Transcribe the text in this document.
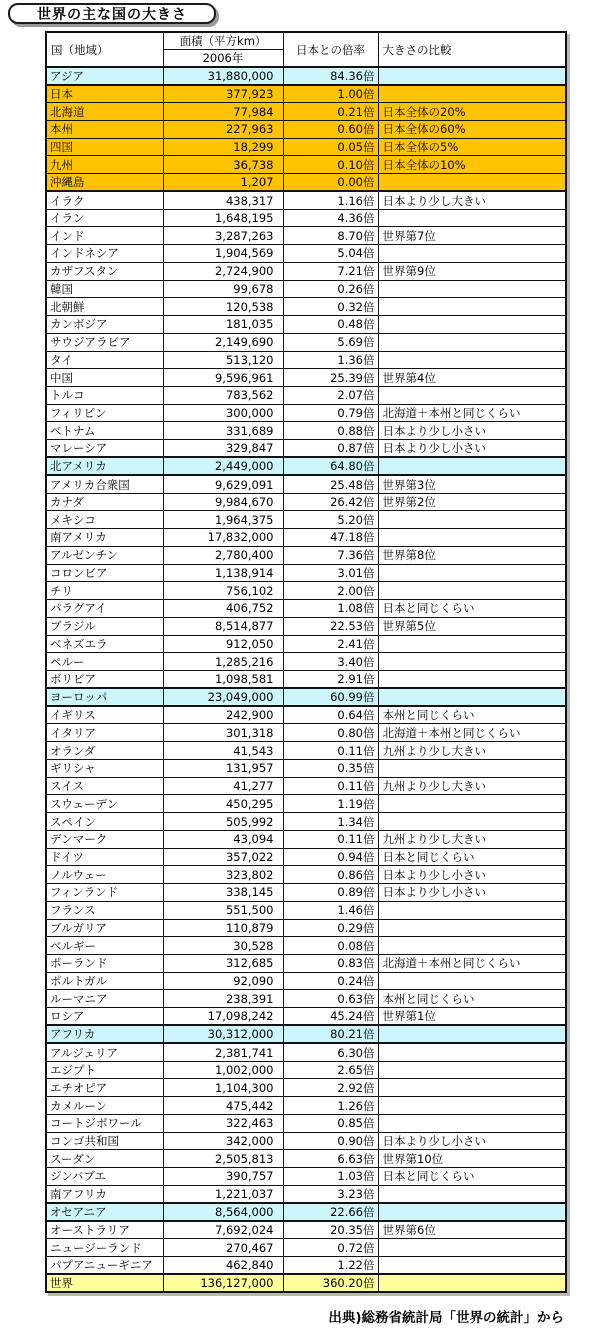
世界の主な国の大きさ
国（地域）	面積（平方km）	日本との倍率	大きさの比較
	2006年		
アジア	31,880,000	84.36倍	
日本	377,923	1.00倍	
北海道	77,984	0.21倍	日本全体の20%
本州	227,963	0.60倍	日本全体の60%
四国	18,299	0.05倍	日本全体の5%
九州	36,738	0.10倍	日本全体の10%
沖縄島	1,207	0.00倍	
イラク	438,317	1.16倍	日本より少し大きい
イラン	1,648,195	4.36倍	
インド	3,287,263	8.70倍	世界第7位
インドネシア	1,904,569	5.04倍	
カザフスタン	2,724,900	7.21倍	世界第9位
韓国	99,678	0.26倍	
北朝鮮	120,538	0.32倍	
カンボジア	181,035	0.48倍	
サウジアラビア	2,149,690	5.69倍	
タイ	513,120	1.36倍	
中国	9,596,961	25.39倍	世界第4位
トルコ	783,562	2.07倍	
フィリピン	300,000	0.79倍	北海道＋本州と同じくらい
ベトナム	331,689	0.88倍	日本より少し小さい
マレーシア	329,847	0.87倍	日本より少し小さい
北アメリカ	2,449,000	64.80倍	
アメリカ合衆国	9,629,091	25.48倍	世界第3位
カナダ	9,984,670	26.42倍	世界第2位
メキシコ	1,964,375	5.20倍	
南アメリカ	17,832,000	47.18倍	
アルゼンチン	2,780,400	7.36倍	世界第8位
コロンビア	1,138,914	3.01倍	
チリ	756,102	2.00倍	
パラグアイ	406,752	1.08倍	日本と同じくらい
ブラジル	8,514,877	22.53倍	世界第5位
ベネズエラ	912,050	2.41倍	
ペルー	1,285,216	3.40倍	
ボリビア	1,098,581	2.91倍	
ヨーロッパ	23,049,000	60.99倍	
イギリス	242,900	0.64倍	本州と同じくらい
イタリア	301,318	0.80倍	北海道＋本州と同じくらい
オランダ	41,543	0.11倍	九州より少し大きい
ギリシャ	131,957	0.35倍	
スイス	41,277	0.11倍	九州より少し大きい
スウェーデン	450,295	1.19倍	
スペイン	505,992	1.34倍	
デンマーク	43,094	0.11倍	九州より少し大きい
ドイツ	357,022	0.94倍	日本と同じくらい
ノルウェー	323,802	0.86倍	日本より少し小さい
フィンランド	338,145	0.89倍	日本より少し小さい
フランス	551,500	1.46倍	
ブルガリア	110,879	0.29倍	
ベルギー	30,528	0.08倍	
ポーランド	312,685	0.83倍	北海道＋本州と同じくらい
ポルトガル	92,090	0.24倍	
ルーマニア	238,391	0.63倍	本州と同じくらい
ロシア	17,098,242	45.24倍	世界第1位
アフリカ	30,312,000	80.21倍	
アルジェリア	2,381,741	6.30倍	
エジプト	1,002,000	2.65倍	
エチオピア	1,104,300	2.92倍	
カメルーン	475,442	1.26倍	
コートジボワール	322,463	0.85倍	
コンゴ共和国	342,000	0.90倍	日本より少し小さい
スーダン	2,505,813	6.63倍	世界第10位
ジンバブエ	390,757	1.03倍	日本と同じくらい
南アフリカ	1,221,037	3.23倍	
オセアニア	8,564,000	22.66倍	
オーストラリア	7,692,024	20.35倍	世界第6位
ニュージーランド	270,467	0.72倍	
パプアニューギニア	462,840	1.22倍	
世界	136,127,000	360.20倍	
出典)総務省統計局「世界の統計」から
